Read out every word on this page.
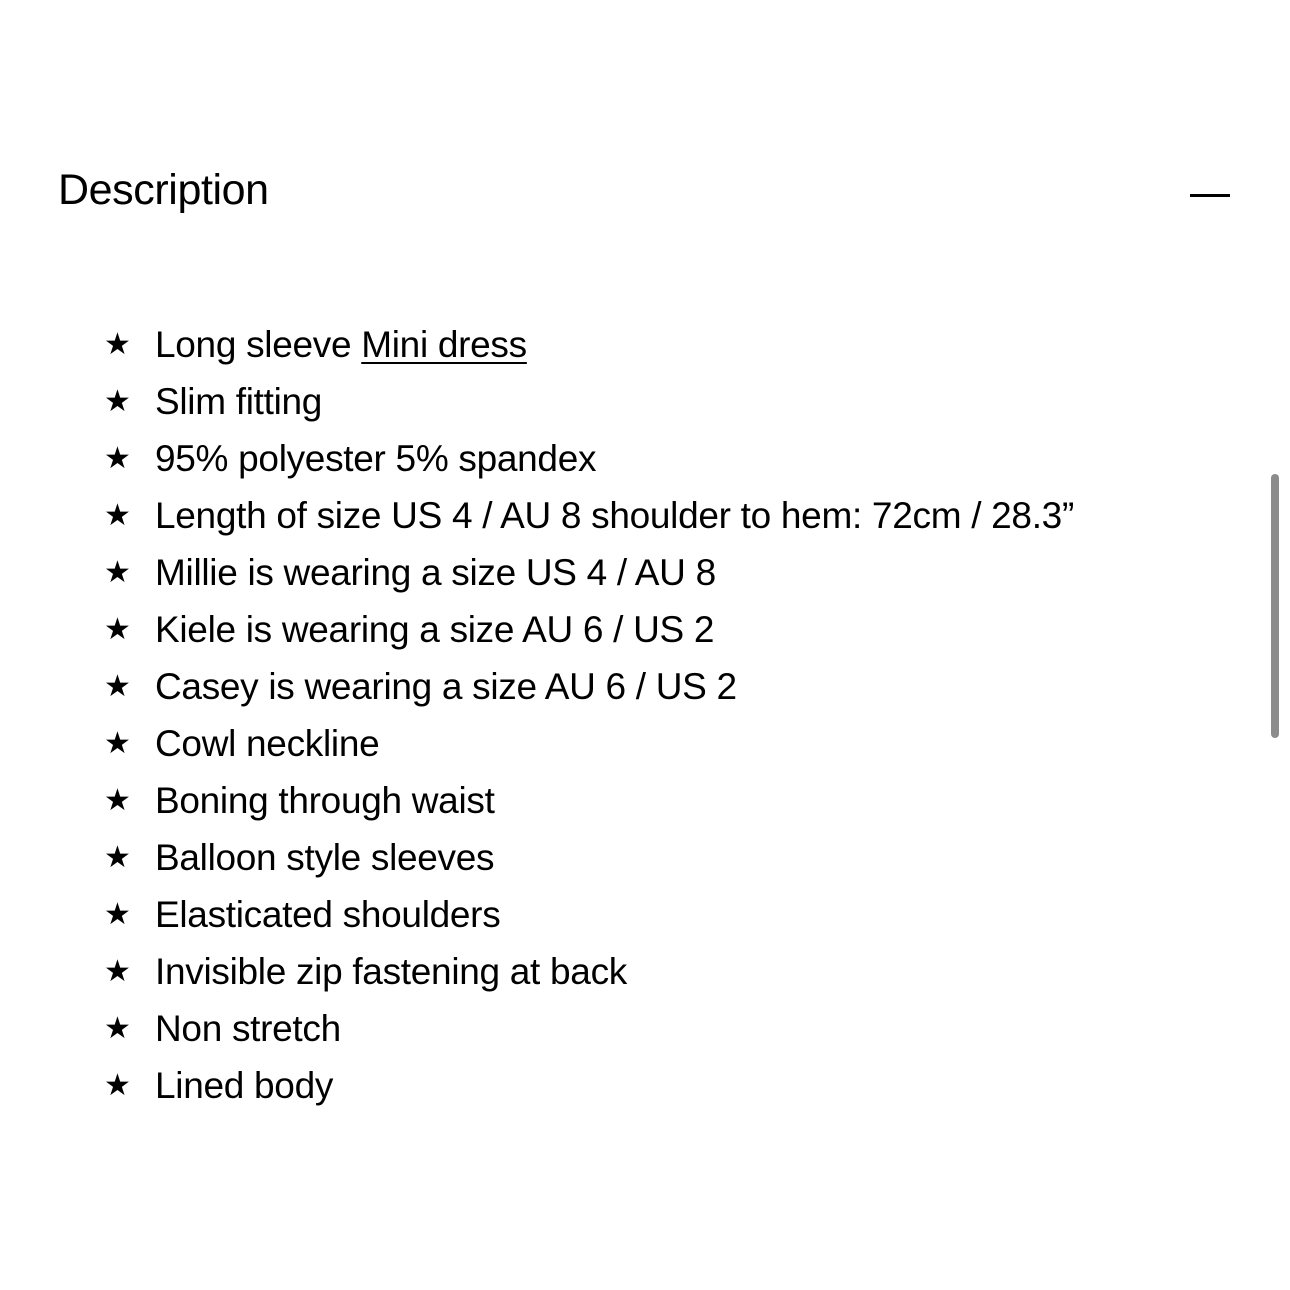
Description
★ Long sleeve Mini dress
★ Slim fitting
★ 95% polyester 5% spandex
★ Length of size US 4 / AU 8 shoulder to hem: 72cm / 28.3”
★ Millie is wearing a size US 4 / AU 8
★ Kiele is wearing a size AU 6 / US 2
★ Casey is wearing a size AU 6 / US 2
★ Cowl neckline
★ Boning through waist
★ Balloon style sleeves
★ Elasticated shoulders
★ Invisible zip fastening at back
★ Non stretch
★ Lined body
